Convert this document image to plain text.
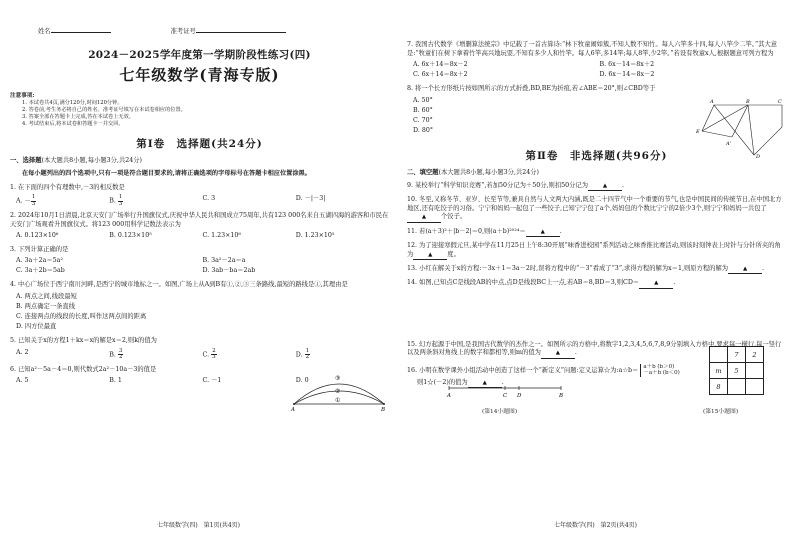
姓名	准考证号
2024－2025学年度第一学期阶段性练习(四)
七年级数学(青海专版)
注意事项:
1. 本试卷共4页,满分120分,时间120分钟。
2. 答卷前,考生务必将自己的姓名、准考证号填写在本试卷相应的位置。
3. 答案全部在答题卡上完成,答在本试卷上无效。
4. 考试结束后,将本试卷和答题卡一并交回。
第Ⅰ卷　选择题(共24分)
一、选择题(本大题共8小题,每小题3分,共24分)
在每小题列出的四个选项中,只有一项是符合题目要求的,请将正确选项的字母标号在答题卡相应位置涂黑。
1. 在下面的四个有理数中,－3的相反数是
A. － $\frac{1}{3}$	B. $\frac{1}{3}$	C. 3	D. －|－3|
2. 2024年10月1日清晨,北京天安门广场举行升国旗仪式,庆祝中华人民共和国成立75周年,共有123 000名来自五湖四海的游客和市民在天安门广场观看升国旗仪式。将123 000用科学记数法表示为
A. 0.123×10⁶	B. 0.123×10⁵	C. 1.23×10⁶	D. 1.23×10⁵
3. 下列计算正确的是
A. 3a＋2a＝5a²	B. 3a²－2a＝a
C. 3a＋2b＝5ab	D. 3ab－ba＝2ab
4. 中心广场位于西宁南川河畔,是西宁的城市地标之一。如图,广场上从A到B有①,②,③三条路线,最短的路线是①,其理由是
A. 两点之间,线段最短
B. 两点确定一条直线
C. 连接两点的线段的长度,叫作这两点间的距离
D. 四方位最直
5. 已知关于x的方程1＋kx＝x的解是x＝2,则k的值为
A. 2	B. $\frac{3}{2}$	C. $\frac{2}{3}$	D. $\frac{1}{2}$
6. 已知a²－5a－4＝0,则代数式2a²－10a－3的值是
A. 5	B. 1	C. －1	D. 0
A	B
③
②
①
七年级数学(四)　第1页(共4页)
7. 我国古代数学《增删算法统宗》中记载了一首古算诗:“林下牧童闹如簇,不知人数不知竹。每人六竿多十四,每人八竿少二竿。”其大意是:“牧童们在树下拿着竹竿高兴地玩耍,不知有多少人和竹竿。每人6竿,多14竿;每人8竿,少2竿。”若设有牧童x人,根据题意可列方程为
A. 6x＋14＝8x－2	B. 6x－14＝8x＋2
C. 6x＋14＝8x＋2	D. 6x－14＝8x－2
8. 将一个长方形纸片按如图所示的方式折叠,BD,BE为折痕,若∠ABE＝20°,则∠CBD等于
A. 50°
B. 60°
C. 70°
D. 80°
第Ⅱ卷　非选择题(共96分)
二、填空题(本大题共8小题,每小题3分,共24分)
9. 某校举行“科学知识竞赛”,若加50分记为＋50分,则扣50分记为	▲ .
10. 冬至,又称冬节、亚岁、长至节等,兼具自然与人文两大内涵,既是二十四节气中一个重要的节气,也是中国民间的传统节日,在中国北方地区,还有吃饺子的习俗。宁宁和妈妈一起包了一些饺子,已知宁宁包了a个,妈妈包的个数比宁宁的2倍少3个,则宁宁和妈妈一共包了▲ 个饺子。
11. 若(a＋3)²＋|b－2|＝0,则(a＋b)²⁰²⁴＝	▲ .
12. 为了迎接寒假元旦,某中学在11月25日上午8:30开展“味香进校园”系列活动之味香推比赛活动,则该时刻钟表上时针与分针所夹的角为	▲ 度。
13. 小红在解关于x的方程:－3x＋1＝3a－2时,误将方程中的“－3”看成了“3”,求得方程的解为x＝1,则原方程的解为	▲ .
14. 如图,已知点C是线段AB的中点,点D是线段BC上一点,若AB＝8,BD＝3,则CD＝	▲ .
15. 幻方起源于中国,是我国古代数学的杰作之一。如图所示的方格中,将数字1,2,3,4,5,6,7,8,9分别填入方格中,要求每一横行,每一竖行以及两条斜对角线上的数字和都相等,则m的值为	▲ .
16. 小明在数学课外小组活动中创造了这样一个“新定义”问题:定义运算☆为:a☆b＝ a＋b (b＞0)
－a＋b (b＜0)
则1☆(－2)的值为	▲ .
A	B	C
D
E
A'
A	C D	B
	7	2
m	5	
8		
(第14小题图)	(第15小题图)
七年级数学(四)　第2页(共4页)
